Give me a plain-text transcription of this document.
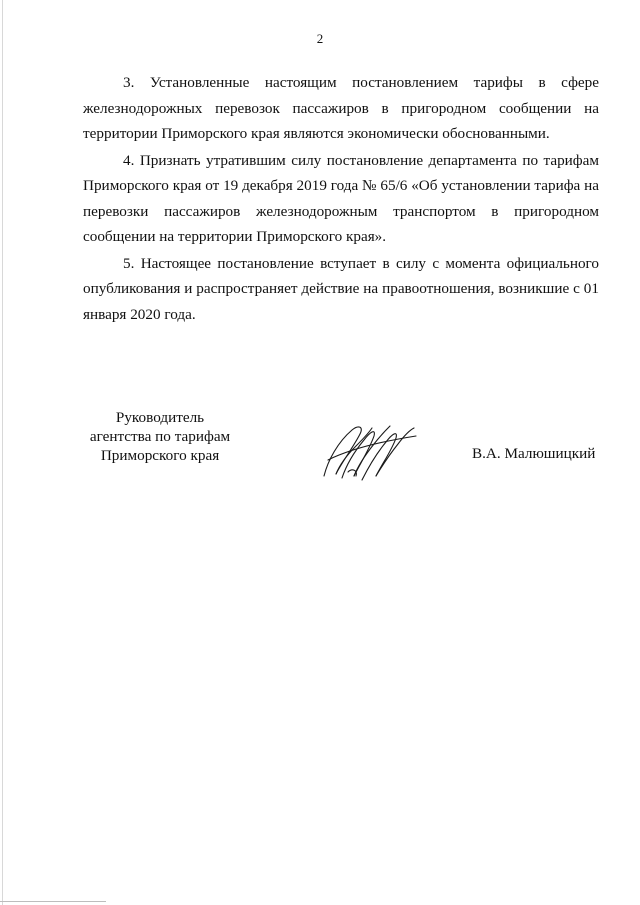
2

3. Установленные настоящим постановлением тарифы в сфере железнодорожных перевозок пассажиров в пригородном сообщении на территории Приморского края являются экономически обоснованными.

4. Признать утратившим силу постановление департамента по тарифам Приморского края от 19 декабря 2019 года № 65/6 «Об установлении тарифа на перевозки пассажиров железнодорожным транспортом в пригородном сообщении на территории Приморского края».

5. Настоящее постановление вступает в силу с момента официального опубликования и распространяет действие на правоотношения, возникшие с 01 января 2020 года.

Руководитель
агентства по тарифам
Приморского края	В.А. Малюшицкий
